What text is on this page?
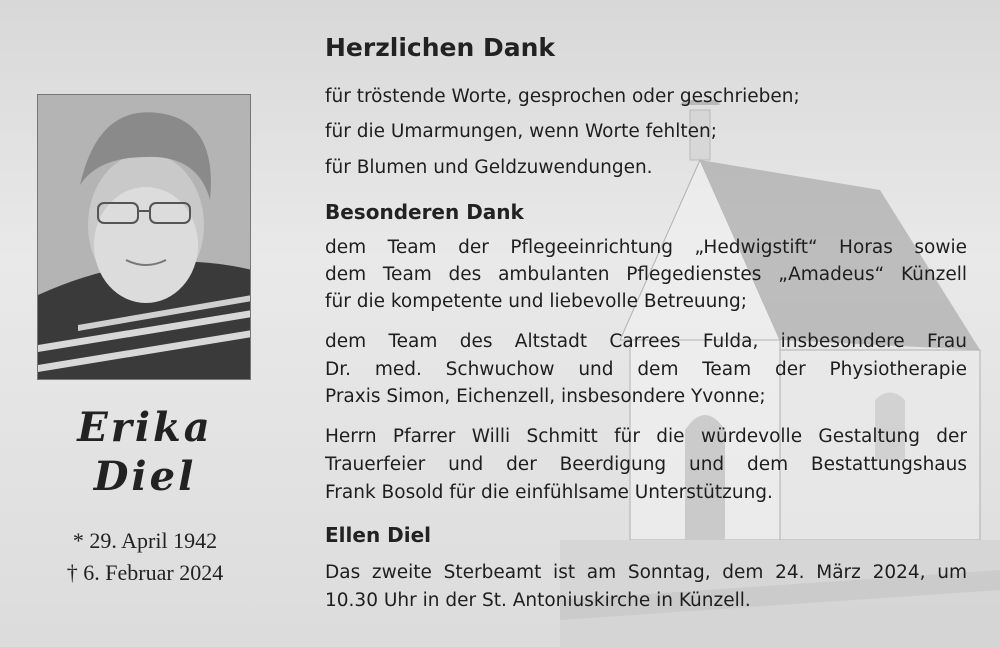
Erika
Diel
* 29. April 1942
† 6. Februar 2024
Herzlichen Dank
für tröstende Worte, gesprochen oder geschrieben;
für die Umarmungen, wenn Worte fehlten;
für Blumen und Geldzuwendungen.
Besonderen Dank
dem Team der Pflegeeinrichtung „Hedwigstift“ Horas sowie
dem Team des ambulanten Pflegedienstes „Amadeus“ Künzell
für die kompetente und liebevolle Betreuung;
dem Team des Altstadt Carrees Fulda, insbesondere Frau
Dr. med. Schwuchow und dem Team der Physiotherapie
Praxis Simon, Eichenzell, insbesondere Yvonne;
Herrn Pfarrer Willi Schmitt für die würdevolle Gestaltung der
Trauerfeier und der Beerdigung und dem Bestattungshaus
Frank Bosold für die einfühlsame Unterstützung.
Ellen Diel
Das zweite Sterbeamt ist am Sonntag, dem 24. März 2024, um
10.30 Uhr in der St. Antoniuskirche in Künzell.
